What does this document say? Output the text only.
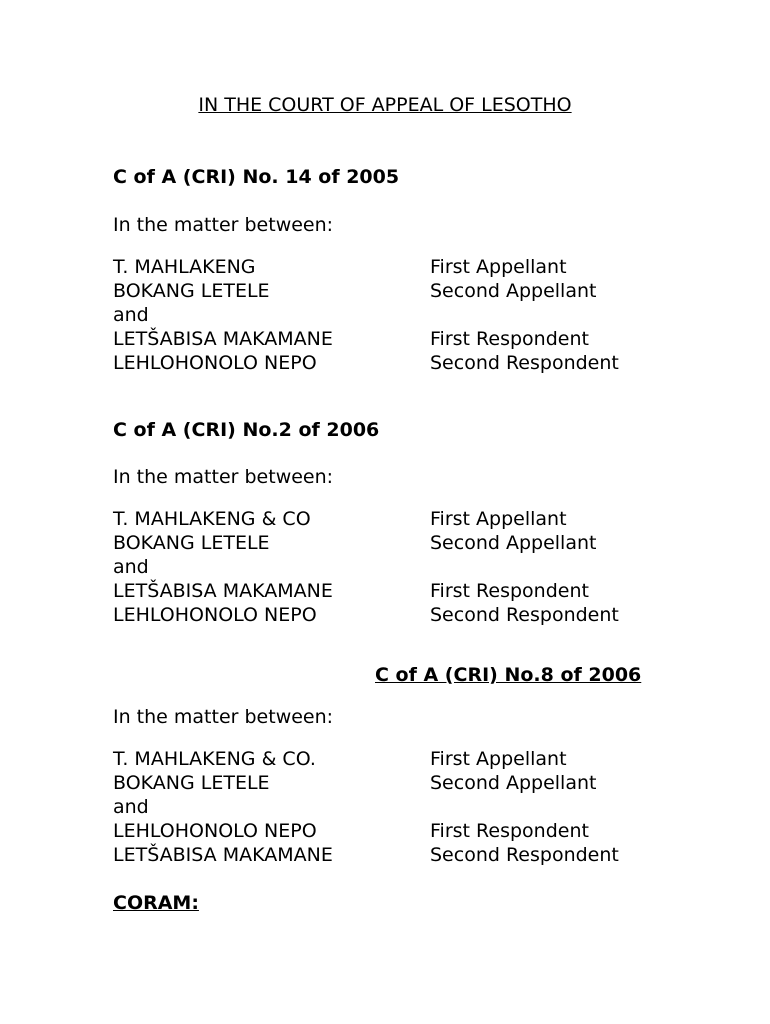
IN THE COURT OF APPEAL OF LESOTHO
C of A (CRI) No. 14 of 2005
In the matter between:
T. MAHLAKENG	First Appellant
BOKANG LETELE	Second Appellant
and
LETŠABISA MAKAMANE	First Respondent
LEHLOHONOLO NEPO	Second Respondent
C of A (CRI) No.2 of 2006
In the matter between:
T. MAHLAKENG & CO	First Appellant
BOKANG LETELE	Second Appellant
and
LETŠABISA MAKAMANE	First Respondent
LEHLOHONOLO NEPO	Second Respondent
C of A (CRI) No.8 of 2006
In the matter between:
T. MAHLAKENG & CO.	First Appellant
BOKANG LETELE	Second Appellant
and
LEHLOHONOLO NEPO	First Respondent
LETŠABISA MAKAMANE	Second Respondent
CORAM:
